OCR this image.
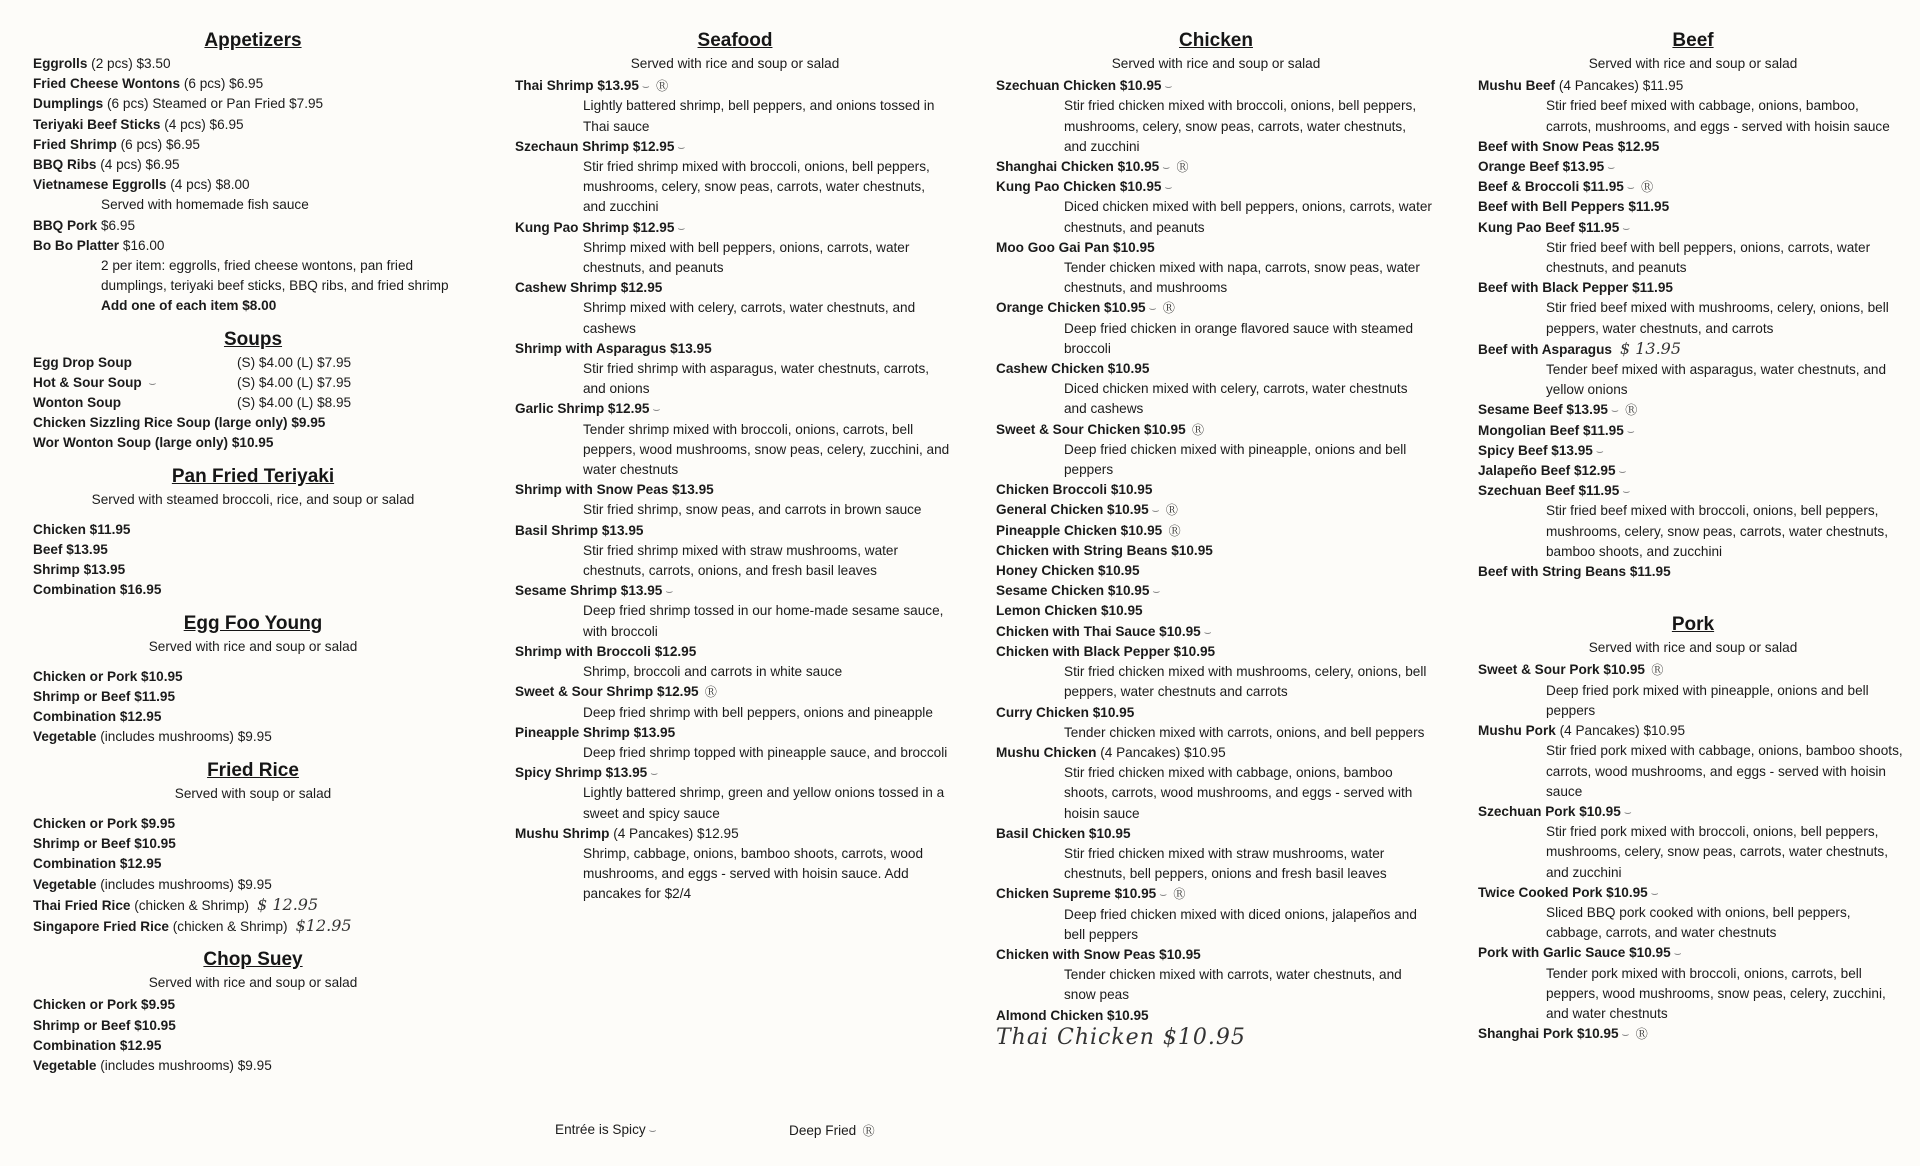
Appetizers
Eggrolls (2 pcs) $3.50
Fried Cheese Wontons (6 pcs) $6.95
Dumplings (6 pcs) Steamed or Pan Fried $7.95
Teriyaki Beef Sticks (4 pcs) $6.95
Fried Shrimp (6 pcs) $6.95
BBQ Ribs (4 pcs) $6.95
Vietnamese Eggrolls (4 pcs) $8.00
Served with homemade fish sauce
BBQ Pork $6.95
Bo Bo Platter $16.00
2 per item: eggrolls, fried cheese wontons, pan fried dumplings, teriyaki beef sticks, BBQ ribs, and fried shrimp
Add one of each item $8.00
Soups
Egg Drop Soup	(S) $4.00 (L) $7.95
Hot & Sour Soup	(S) $4.00 (L) $7.95
⌣
Wonton Soup	(S) $4.00 (L) $8.95
Chicken Sizzling Rice Soup (large only) $9.95
Wor Wonton Soup (large only) $10.95
Pan Fried Teriyaki
Served with steamed broccoli, rice, and soup or salad
Chicken $11.95
Beef $13.95
Shrimp $13.95
Combination $16.95
Egg Foo Young
Served with rice and soup or salad
Chicken or Pork $10.95
Shrimp or Beef $11.95
Combination $12.95
Vegetable (includes mushrooms) $9.95
Fried Rice
Served with soup or salad
Chicken or Pork $9.95
Shrimp or Beef $10.95
Combination $12.95
Vegetable (includes mushrooms) $9.95
Thai Fried Rice (chicken & Shrimp) $ 12.95
Singapore Fried Rice (chicken & Shrimp) $12.95
Chop Suey
Served with rice and soup or salad
Chicken or Pork $9.95
Shrimp or Beef $10.95
Combination $12.95
Vegetable (includes mushrooms) $9.95
Seafood
Served with rice and soup or salad
Thai Shrimp $13.95 ⌣ Ⓡ
Lightly battered shrimp, bell peppers, and onions tossed in Thai sauce
Szechaun Shrimp $12.95 ⌣
Stir fried shrimp mixed with broccoli, onions, bell peppers, mushrooms, celery, snow peas, carrots, water chestnuts, and zucchini
Kung Pao Shrimp $12.95 ⌣
Shrimp mixed with bell peppers, onions, carrots, water chestnuts, and peanuts
Cashew Shrimp $12.95
Shrimp mixed with celery, carrots, water chestnuts, and cashews
Shrimp with Asparagus $13.95
Stir fried shrimp with asparagus, water chestnuts, carrots, and onions
Garlic Shrimp $12.95 ⌣
Tender shrimp mixed with broccoli, onions, carrots, bell peppers, wood mushrooms, snow peas, celery, zucchini, and water chestnuts
Shrimp with Snow Peas $13.95
Stir fried shrimp, snow peas, and carrots in brown sauce
Basil Shrimp $13.95
Stir fried shrimp mixed with straw mushrooms, water chestnuts, carrots, onions, and fresh basil leaves
Sesame Shrimp $13.95 ⌣
Deep fried shrimp tossed in our home-made sesame sauce, with broccoli
Shrimp with Broccoli $12.95
Shrimp, broccoli and carrots in white sauce
Sweet & Sour Shrimp $12.95 Ⓡ
Deep fried shrimp with bell peppers, onions and pineapple
Pineapple Shrimp $13.95
Deep fried shrimp topped with pineapple sauce, and broccoli
Spicy Shrimp $13.95 ⌣
Lightly battered shrimp, green and yellow onions tossed in a sweet and spicy sauce
Mushu Shrimp (4 Pancakes) $12.95
Shrimp, cabbage, onions, bamboo shoots, carrots, wood mushrooms, and eggs - served with hoisin sauce. Add pancakes for $2/4
Chicken
Served with rice and soup or salad
Szechuan Chicken $10.95 ⌣
Stir fried chicken mixed with broccoli, onions, bell peppers, mushrooms, celery, snow peas, carrots, water chestnuts, and zucchini
Shanghai Chicken $10.95 ⌣ Ⓡ
Kung Pao Chicken $10.95 ⌣
Diced chicken mixed with bell peppers, onions, carrots, water chestnuts, and peanuts
Moo Goo Gai Pan $10.95
Tender chicken mixed with napa, carrots, snow peas, water chestnuts, and mushrooms
Orange Chicken $10.95 ⌣ Ⓡ
Deep fried chicken in orange flavored sauce with steamed broccoli
Cashew Chicken $10.95
Diced chicken mixed with celery, carrots, water chestnuts and cashews
Sweet & Sour Chicken $10.95 Ⓡ
Deep fried chicken mixed with pineapple, onions and bell peppers
Chicken Broccoli $10.95
General Chicken $10.95 ⌣ Ⓡ
Pineapple Chicken $10.95 Ⓡ
Chicken with String Beans $10.95
Honey Chicken $10.95
Sesame Chicken $10.95 ⌣
Lemon Chicken $10.95
Chicken with Thai Sauce $10.95 ⌣
Chicken with Black Pepper $10.95
Stir fried chicken mixed with mushrooms, celery, onions, bell peppers, water chestnuts and carrots
Curry Chicken $10.95
Tender chicken mixed with carrots, onions, and bell peppers
Mushu Chicken (4 Pancakes) $10.95
Stir fried chicken mixed with cabbage, onions, bamboo shoots, carrots, wood mushrooms, and eggs - served with hoisin sauce
Basil Chicken $10.95
Stir fried chicken mixed with straw mushrooms, water chestnuts, bell peppers, onions and fresh basil leaves
Chicken Supreme $10.95 ⌣ Ⓡ
Deep fried chicken mixed with diced onions, jalapeños and bell peppers
Chicken with Snow Peas $10.95
Tender chicken mixed with carrots, water chestnuts, and snow peas
Almond Chicken $10.95
Thai Chicken $10.95
Beef
Served with rice and soup or salad
Mushu Beef (4 Pancakes) $11.95
Stir fried beef mixed with cabbage, onions, bamboo, carrots, mushrooms, and eggs - served with hoisin sauce
Beef with Snow Peas $12.95
Orange Beef $13.95 ⌣
Beef & Broccoli $11.95 ⌣ Ⓡ
Beef with Bell Peppers $11.95
Kung Pao Beef $11.95 ⌣
Stir fried beef with bell peppers, onions, carrots, water chestnuts, and peanuts
Beef with Black Pepper $11.95
Stir fried beef mixed with mushrooms, celery, onions, bell peppers, water chestnuts, and carrots
Beef with Asparagus $ 13.95
Tender beef mixed with asparagus, water chestnuts, and yellow onions
Sesame Beef $13.95 ⌣ Ⓡ
Mongolian Beef $11.95 ⌣
Spicy Beef $13.95 ⌣
Jalapeño Beef $12.95 ⌣
Szechuan Beef $11.95 ⌣
Stir fried beef mixed with broccoli, onions, bell peppers, mushrooms, celery, snow peas, carrots, water chestnuts, bamboo shoots, and zucchini
Beef with String Beans $11.95
Pork
Served with rice and soup or salad
Sweet & Sour Pork $10.95 Ⓡ
Deep fried pork mixed with pineapple, onions and bell peppers
Mushu Pork (4 Pancakes) $10.95
Stir fried pork mixed with cabbage, onions, bamboo shoots, carrots, wood mushrooms, and eggs - served with hoisin sauce
Szechuan Pork $10.95 ⌣
Stir fried pork mixed with broccoli, onions, bell peppers, mushrooms, celery, snow peas, carrots, water chestnuts, and zucchini
Twice Cooked Pork $10.95 ⌣
Sliced BBQ pork cooked with onions, bell peppers, cabbage, carrots, and water chestnuts
Pork with Garlic Sauce $10.95 ⌣
Tender pork mixed with broccoli, onions, carrots, bell peppers, wood mushrooms, snow peas, celery, zucchini, and water chestnuts
Shanghai Pork $10.95 ⌣ Ⓡ
Entrée is Spicy ⌣	Deep Fried Ⓡ
